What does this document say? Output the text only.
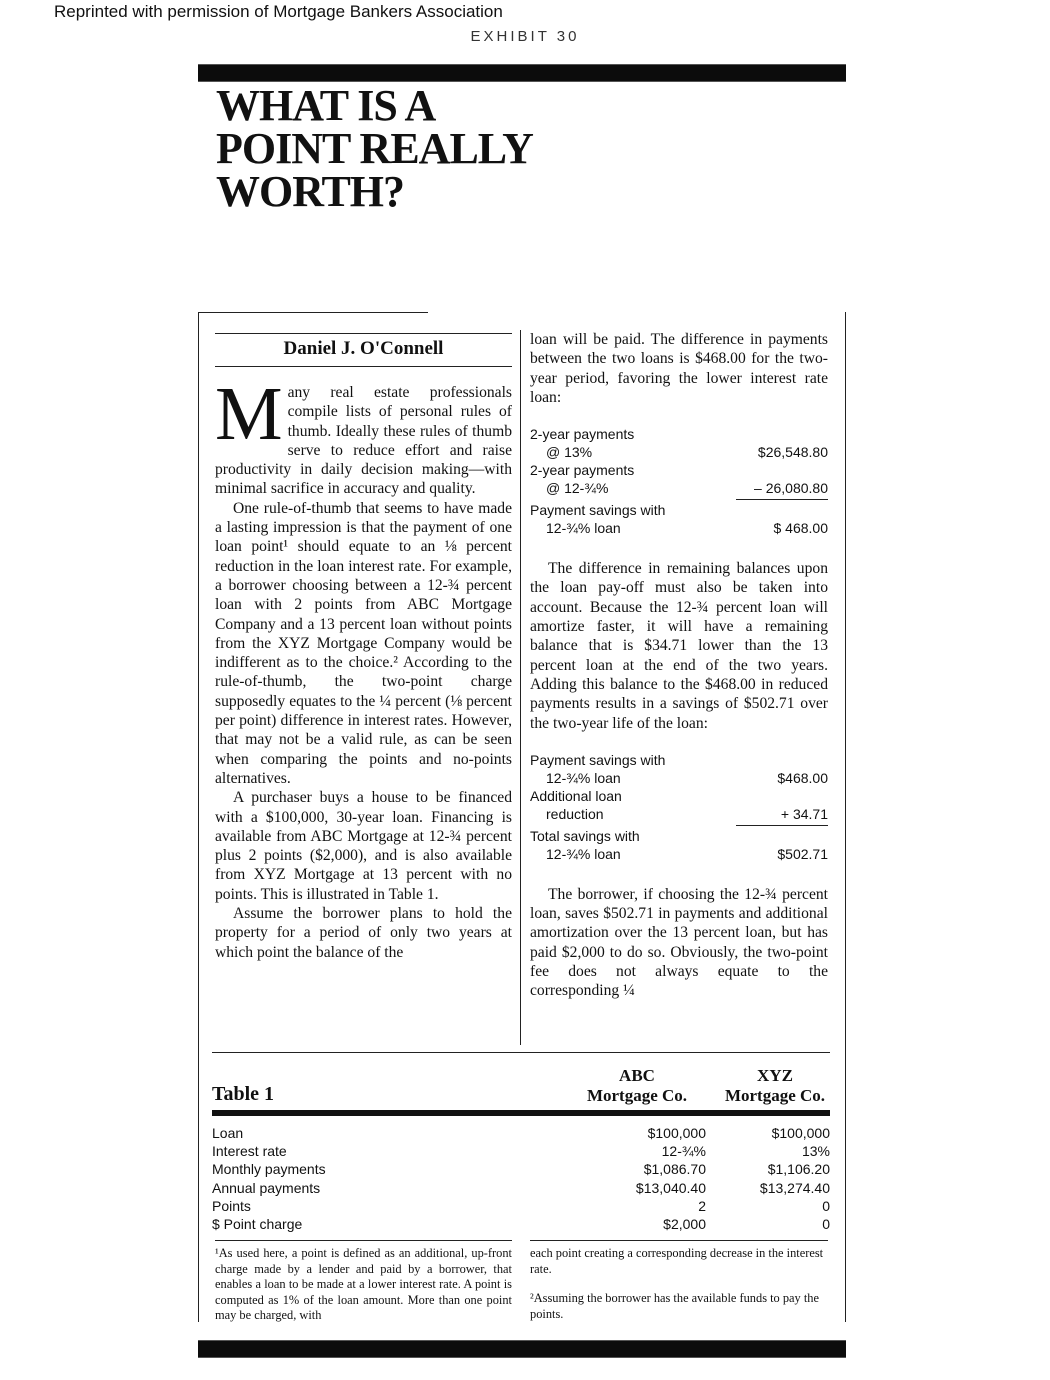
Reprinted with permission of Mortgage Bankers Association
EXHIBIT 30
WHAT IS A
POINT REALLY
WORTH?
Daniel J. O'Connell

Many real estate professionals compile lists of personal rules of thumb. Ideally these rules of thumb serve to reduce effort and raise productivity in daily decision making—with minimal sacrifice in accuracy and quality.

One rule-of-thumb that seems to have made a lasting impression is that the payment of one loan point¹ should equate to an ⅛ percent reduction in the loan interest rate. For example, a borrower choosing between a 12-¾ percent loan with 2 points from ABC Mortgage Company and a 13 percent loan without points from the XYZ Mortgage Company would be indifferent as to the choice.² According to the rule-of-thumb, the two-point charge supposedly equates to the ¼ percent (⅛ percent per point) difference in interest rates. However, that may not be a valid rule, as can be seen when comparing the points and no-points alternatives.

A purchaser buys a house to be financed with a $100,000, 30-year loan. Financing is available from ABC Mortgage at 12-¾ percent plus 2 points ($2,000), and is also available from XYZ Mortgage at 13 percent with no points. This is illustrated in Table 1.

Assume the borrower plans to hold the property for a period of only two years at which point the balance of the

loan will be paid. The difference in payments between the two loans is $468.00 for the two-year period, favoring the lower interest rate loan:

2-year payments
@ 13%	$26,548.80
2-year payments
@ 12-¾%	– 26,080.80
Payment savings with
12-¾% loan	$ 468.00

The difference in remaining balances upon the loan pay-off must also be taken into account. Because the 12-¾ percent loan will amortize faster, it will have a remaining balance that is $34.71 lower than the 13 percent loan at the end of the two years. Adding this balance to the $468.00 in reduced payments results in a savings of $502.71 over the two-year life of the loan:

Payment savings with
12-¾% loan	$468.00
Additional loan
reduction	+ 34.71
Total savings with
12-¾% loan	$502.71

The borrower, if choosing the 12-¾ percent loan, saves $502.71 in payments and additional amortization over the 13 percent loan, but has paid $2,000 to do so. Obviously, the two-point fee does not always equate to the corresponding ¼

Table 1
ABC
Mortgage Co.
XYZ
Mortgage Co.
Loan	$100,000	$100,000
Interest rate	12-¾%	13%
Monthly payments	$1,086.70	$1,106.20
Annual payments	$13,040.40	$13,274.40
Points	2	0
$ Point charge	$2,000	0

¹As used here, a point is defined as an additional, up-front charge made by a lender and paid by a borrower, that enables a loan to be made at a lower interest rate. A point is computed as 1% of the loan amount. More than one point may be charged, with

each point creating a corresponding decrease in the interest rate.

²Assuming the borrower has the available funds to pay the points.
